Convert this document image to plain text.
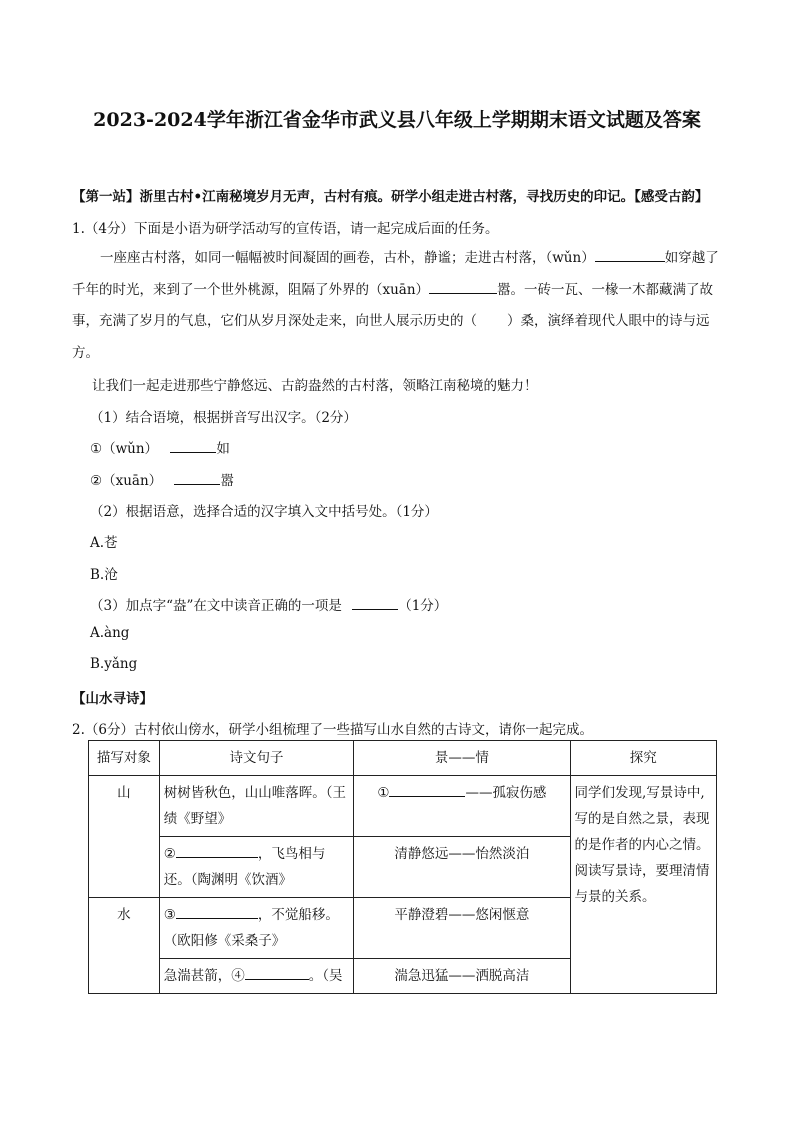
2023-2024学年浙江省金华市武义县八年级上学期期末语文试题及答案
【第一站】浙里古村•江南秘境岁月无声，古村有痕。研学小组走进古村落，寻找历史的印记。【感受古韵】
1.（4分）下面是小语为研学活动写的宣传语，请一起完成后面的任务。
一座座古村落，如同一幅幅被时间凝固的画卷，古朴，静谧；走进古村落，（wǔn）	如穿越了千年的时光，来到了一个世外桃源，阻隔了外界的（xuān）	嚣。一砖一瓦、一椽一木都藏满了故事，充满了岁月的气息，它们从岁月深处走来，向世人展示历史的（ ）桑，演绎着现代人眼中的诗与远方。
让我们一起走进那些宁静悠远、古韵盎然的古村落，领略江南秘境的魅力！
（1）结合语境，根据拼音写出汉字。（2分）
①（wǔn）	如
②（xuān）	嚣
（2）根据语意，选择合适的汉字填入文中括号处。（1分）
A.苍
B.沧
（3）加点字“盎”在文中读音正确的一项是	（1分）
A.àng
B.yǎng
【山水寻诗】
2.（6分）古村依山傍水，研学小组梳理了一些描写山水自然的古诗文，请你一起完成。
描写对象	诗文句子	景——情	探究
山	树树皆秋色，山山唯落晖。（王绩《野望》	① ——孤寂伤感	同学们发现,写景诗中,写的是自然之景，表现的是作者的内心之情。阅读写景诗，要理清情与景的关系。
	② ，飞鸟相与还。（陶渊明《饮酒》	清静悠远——怡然淡泊	
水	③ ，不觉船移。（欧阳修《采桑子》	平静澄碧——悠闲惬意	
	急湍甚箭，④ 。（吴	湍急迅猛——洒脱高洁	
